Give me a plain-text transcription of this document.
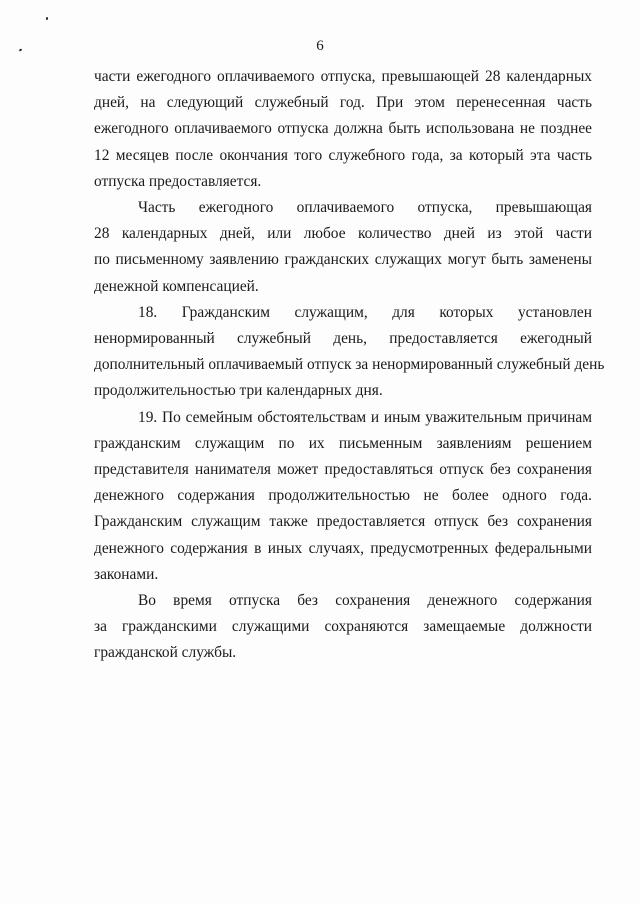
6
части ежегодного оплачиваемого отпуска, превышающей 28 календарных
дней, на следующий служебный год. При этом перенесенная часть
ежегодного оплачиваемого отпуска должна быть использована не позднее
12 месяцев после окончания того служебного года, за который эта часть
отпуска предоставляется.
Часть ежегодного оплачиваемого отпуска, превышающая
28 календарных дней, или любое количество дней из этой части
по письменному заявлению гражданских служащих могут быть заменены
денежной компенсацией.
18. Гражданским служащим, для которых установлен
ненормированный служебный день, предоставляется ежегодный
дополнительный оплачиваемый отпуск за ненормированный служебный день
продолжительностью три календарных дня.
19. По семейным обстоятельствам и иным уважительным причинам
гражданским служащим по их письменным заявлениям решением
представителя нанимателя может предоставляться отпуск без сохранения
денежного содержания продолжительностью не более одного года.
Гражданским служащим также предоставляется отпуск без сохранения
денежного содержания в иных случаях, предусмотренных федеральными
законами.
Во время отпуска без сохранения денежного содержания
за гражданскими служащими сохраняются замещаемые должности
гражданской службы.
